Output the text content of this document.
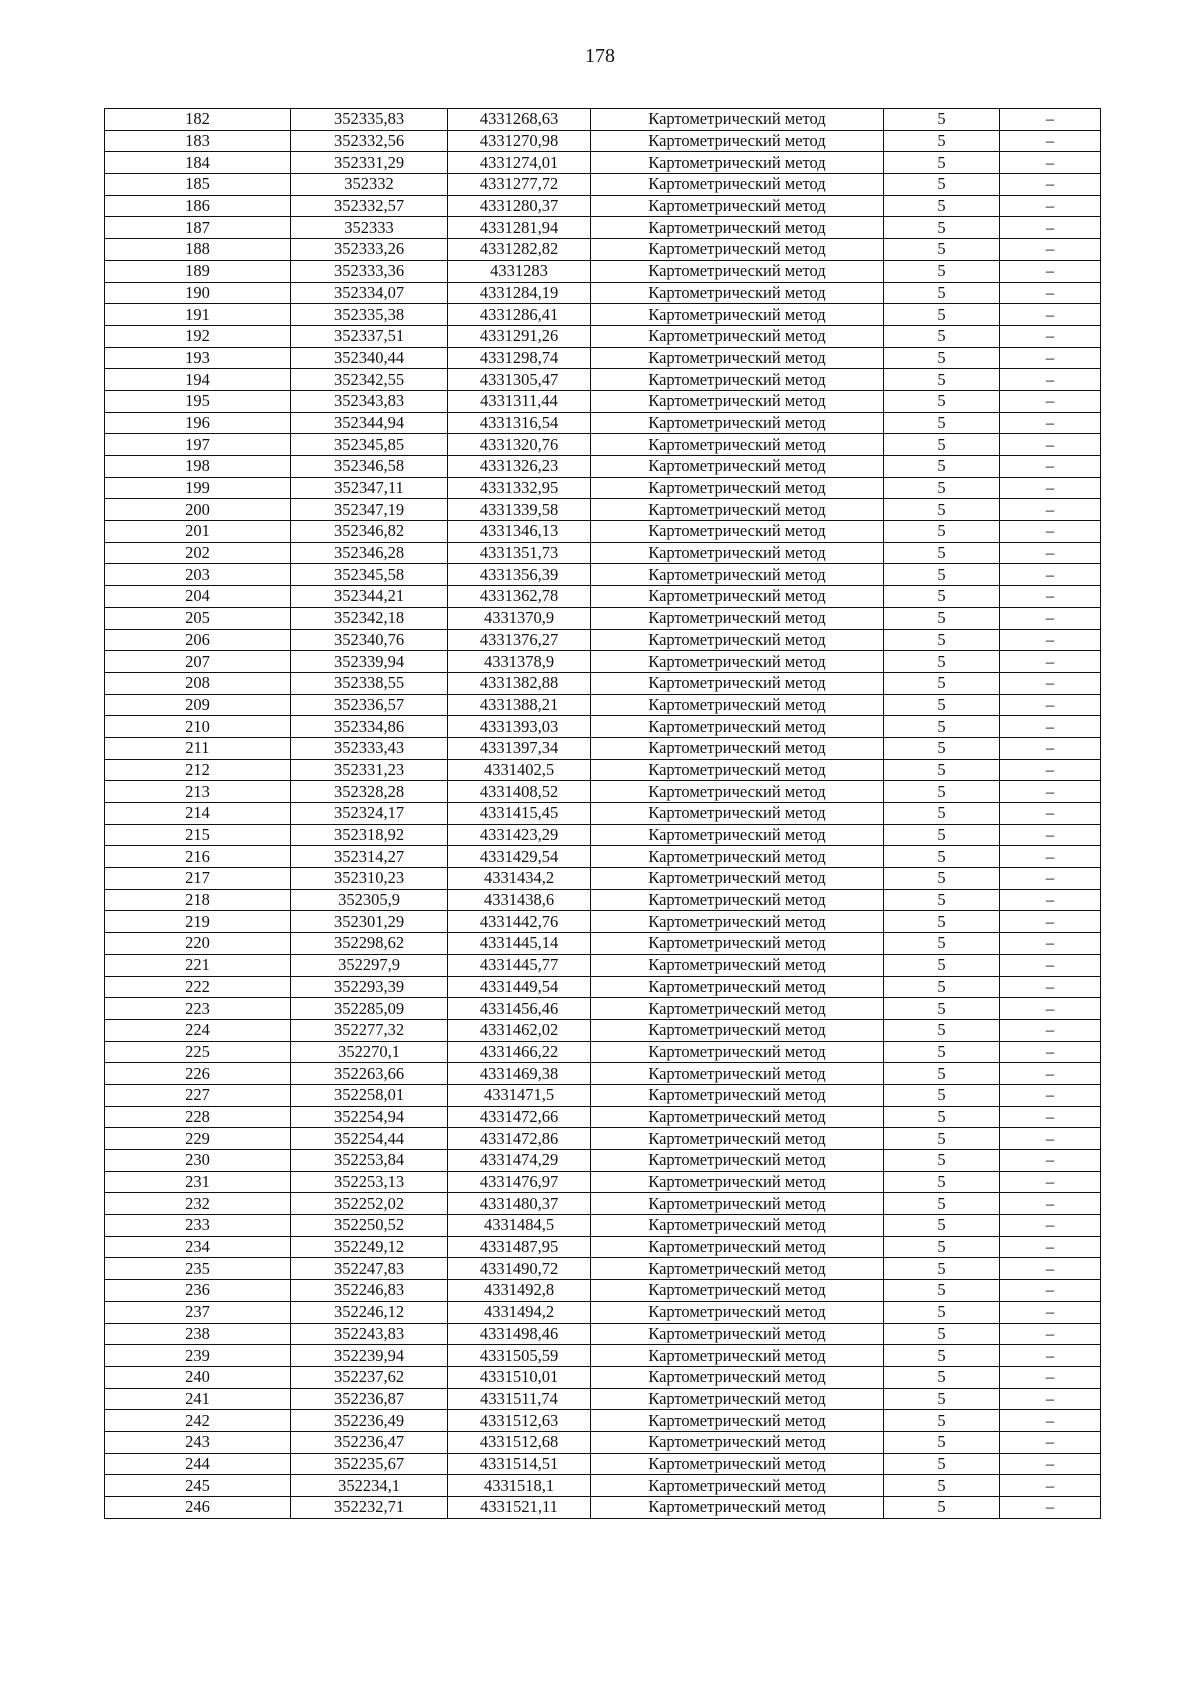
178
182	352335,83	4331268,63	Картометрический метод	5	–
183	352332,56	4331270,98	Картометрический метод	5	–
184	352331,29	4331274,01	Картометрический метод	5	–
185	352332	4331277,72	Картометрический метод	5	–
186	352332,57	4331280,37	Картометрический метод	5	–
187	352333	4331281,94	Картометрический метод	5	–
188	352333,26	4331282,82	Картометрический метод	5	–
189	352333,36	4331283	Картометрический метод	5	–
190	352334,07	4331284,19	Картометрический метод	5	–
191	352335,38	4331286,41	Картометрический метод	5	–
192	352337,51	4331291,26	Картометрический метод	5	–
193	352340,44	4331298,74	Картометрический метод	5	–
194	352342,55	4331305,47	Картометрический метод	5	–
195	352343,83	4331311,44	Картометрический метод	5	–
196	352344,94	4331316,54	Картометрический метод	5	–
197	352345,85	4331320,76	Картометрический метод	5	–
198	352346,58	4331326,23	Картометрический метод	5	–
199	352347,11	4331332,95	Картометрический метод	5	–
200	352347,19	4331339,58	Картометрический метод	5	–
201	352346,82	4331346,13	Картометрический метод	5	–
202	352346,28	4331351,73	Картометрический метод	5	–
203	352345,58	4331356,39	Картометрический метод	5	–
204	352344,21	4331362,78	Картометрический метод	5	–
205	352342,18	4331370,9	Картометрический метод	5	–
206	352340,76	4331376,27	Картометрический метод	5	–
207	352339,94	4331378,9	Картометрический метод	5	–
208	352338,55	4331382,88	Картометрический метод	5	–
209	352336,57	4331388,21	Картометрический метод	5	–
210	352334,86	4331393,03	Картометрический метод	5	–
211	352333,43	4331397,34	Картометрический метод	5	–
212	352331,23	4331402,5	Картометрический метод	5	–
213	352328,28	4331408,52	Картометрический метод	5	–
214	352324,17	4331415,45	Картометрический метод	5	–
215	352318,92	4331423,29	Картометрический метод	5	–
216	352314,27	4331429,54	Картометрический метод	5	–
217	352310,23	4331434,2	Картометрический метод	5	–
218	352305,9	4331438,6	Картометрический метод	5	–
219	352301,29	4331442,76	Картометрический метод	5	–
220	352298,62	4331445,14	Картометрический метод	5	–
221	352297,9	4331445,77	Картометрический метод	5	–
222	352293,39	4331449,54	Картометрический метод	5	–
223	352285,09	4331456,46	Картометрический метод	5	–
224	352277,32	4331462,02	Картометрический метод	5	–
225	352270,1	4331466,22	Картометрический метод	5	–
226	352263,66	4331469,38	Картометрический метод	5	–
227	352258,01	4331471,5	Картометрический метод	5	–
228	352254,94	4331472,66	Картометрический метод	5	–
229	352254,44	4331472,86	Картометрический метод	5	–
230	352253,84	4331474,29	Картометрический метод	5	–
231	352253,13	4331476,97	Картометрический метод	5	–
232	352252,02	4331480,37	Картометрический метод	5	–
233	352250,52	4331484,5	Картометрический метод	5	–
234	352249,12	4331487,95	Картометрический метод	5	–
235	352247,83	4331490,72	Картометрический метод	5	–
236	352246,83	4331492,8	Картометрический метод	5	–
237	352246,12	4331494,2	Картометрический метод	5	–
238	352243,83	4331498,46	Картометрический метод	5	–
239	352239,94	4331505,59	Картометрический метод	5	–
240	352237,62	4331510,01	Картометрический метод	5	–
241	352236,87	4331511,74	Картометрический метод	5	–
242	352236,49	4331512,63	Картометрический метод	5	–
243	352236,47	4331512,68	Картометрический метод	5	–
244	352235,67	4331514,51	Картометрический метод	5	–
245	352234,1	4331518,1	Картометрический метод	5	–
246	352232,71	4331521,11	Картометрический метод	5	–
